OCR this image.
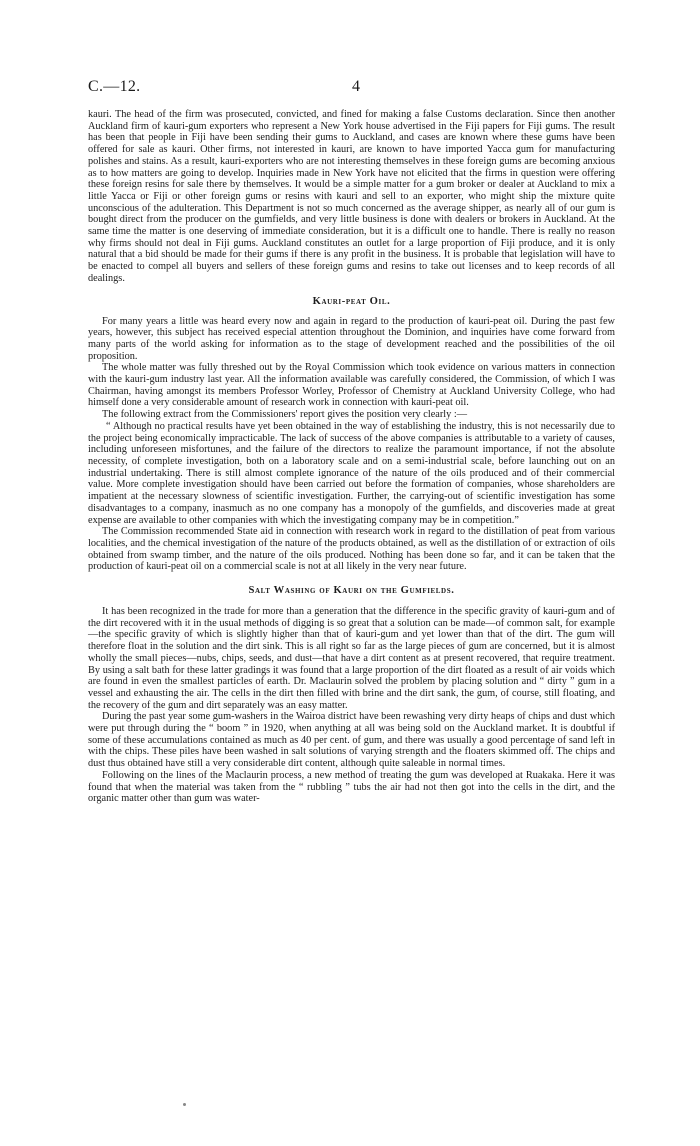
C.—12.	4

kauri. The head of the firm was prosecuted, convicted, and fined for making a false Customs declaration. Since then another Auckland firm of kauri-gum exporters who represent a New York house advertised in the Fiji papers for Fiji gums. The result has been that people in Fiji have been sending their gums to Auckland, and cases are known where these gums have been offered for sale as kauri. Other firms, not interested in kauri, are known to have imported Yacca gum for manufacturing polishes and stains. As a result, kauri-exporters who are not interesting themselves in these foreign gums are becoming anxious as to how matters are going to develop. Inquiries made in New York have not elicited that the firms in question were offering these foreign resins for sale there by themselves. It would be a simple matter for a gum broker or dealer at Auckland to mix a little Yacca or Fiji or other foreign gums or resins with kauri and sell to an exporter, who might ship the mixture quite unconscious of the adulteration. This Department is not so much concerned as the average shipper, as nearly all of our gum is bought direct from the producer on the gumfields, and very little business is done with dealers or brokers in Auckland. At the same time the matter is one deserving of immediate consideration, but it is a difficult one to handle. There is really no reason why firms should not deal in Fiji gums. Auckland constitutes an outlet for a large proportion of Fiji produce, and it is only natural that a bid should be made for their gums if there is any profit in the business. It is probable that legislation will have to be enacted to compel all buyers and sellers of these foreign gums and resins to take out licenses and to keep records of all dealings.

Kauri-peat Oil.

For many years a little was heard every now and again in regard to the production of kauri-peat oil. During the past few years, however, this subject has received especial attention throughout the Dominion, and inquiries have come forward from many parts of the world asking for information as to the stage of development reached and the possibilities of the oil proposition.

The whole matter was fully threshed out by the Royal Commission which took evidence on various matters in connection with the kauri-gum industry last year. All the information available was carefully considered, the Commission, of which I was Chairman, having amongst its members Professor Worley, Professor of Chemistry at Auckland University College, who had himself done a very considerable amount of research work in connection with kauri-peat oil.

The following extract from the Commissioners' report gives the position very clearly :—

“ Although no practical results have yet been obtained in the way of establishing the industry, this is not necessarily due to the project being economically impracticable. The lack of success of the above companies is attributable to a variety of causes, including unforeseen misfortunes, and the failure of the directors to realize the paramount importance, if not the absolute necessity, of complete investigation, both on a laboratory scale and on a semi-industrial scale, before launching out on an industrial undertaking. There is still almost complete ignorance of the nature of the oils produced and of their commercial value. More complete investigation should have been carried out before the formation of companies, whose shareholders are impatient at the necessary slowness of scientific investigation. Further, the carrying-out of scientific investigation has some disadvantages to a company, inasmuch as no one company has a monopoly of the gumfields, and discoveries made at great expense are available to other companies with which the investigating company may be in competition.”

The Commission recommended State aid in connection with research work in regard to the distillation of peat from various localities, and the chemical investigation of the nature of the products obtained, as well as the distillation of or extraction of oils obtained from swamp timber, and the nature of the oils produced. Nothing has been done so far, and it can be taken that the production of kauri-peat oil on a commercial scale is not at all likely in the very near future.

Salt Washing of Kauri on the Gumfields.

It has been recognized in the trade for more than a generation that the difference in the specific gravity of kauri-gum and of the dirt recovered with it in the usual methods of digging is so great that a solution can be made—of common salt, for example—the specific gravity of which is slightly higher than that of kauri-gum and yet lower than that of the dirt. The gum will therefore float in the solution and the dirt sink. This is all right so far as the large pieces of gum are concerned, but it is almost wholly the small pieces—nubs, chips, seeds, and dust—that have a dirt content as at present recovered, that require treatment. By using a salt bath for these latter gradings it was found that a large proportion of the dirt floated as a result of air voids which are found in even the smallest particles of earth. Dr. Maclaurin solved the problem by placing solution and “ dirty ” gum in a vessel and exhausting the air. The cells in the dirt then filled with brine and the dirt sank, the gum, of course, still floating, and the recovery of the gum and dirt separately was an easy matter.

During the past year some gum-washers in the Wairoa district have been rewashing very dirty heaps of chips and dust which were put through during the “ boom ” in 1920, when anything at all was being sold on the Auckland market. It is doubtful if some of these accumulations contained as much as 40 per cent. of gum, and there was usually a good percentage of sand left in with the chips. These piles have been washed in salt solutions of varying strength and the floaters skimmed off. The chips and dust thus obtained have still a very considerable dirt content, although quite saleable in normal times.

Following on the lines of the Maclaurin process, a new method of treating the gum was developed at Ruakaka. Here it was found that when the material was taken from the “ rubbling ” tubs the air had not then got into the cells in the dirt, and the organic matter other than gum was water-
